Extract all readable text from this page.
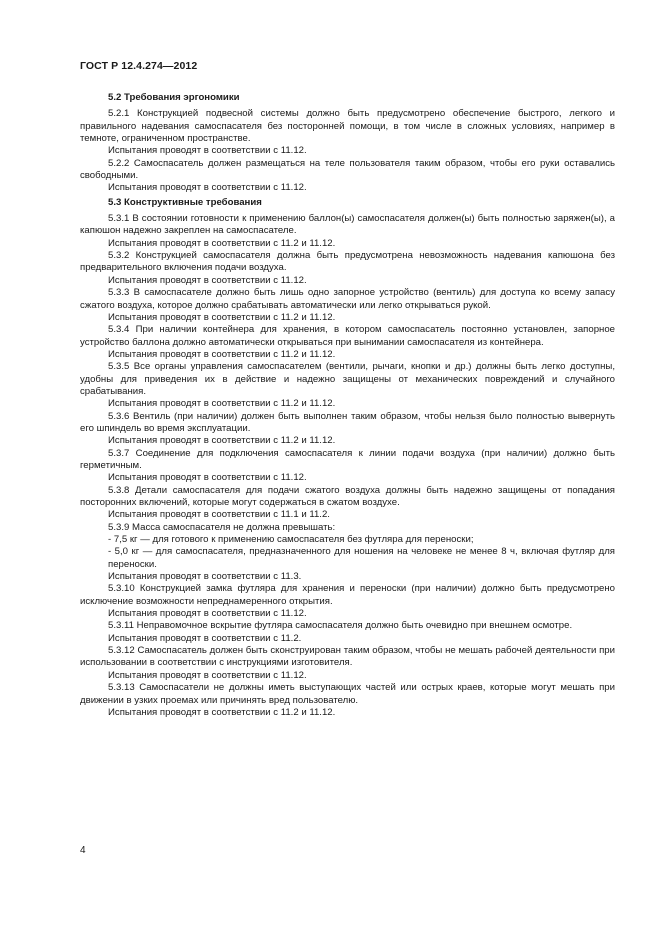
ГОСТ Р 12.4.274—2012

5.2 Требования эргономики

5.2.1 Конструкцией подвесной системы должно быть предусмотрено обеспечение быстрого, легкого и правильного надевания самоспасателя без посторонней помощи, в том числе в сложных условиях, например в темноте, ограниченном пространстве.

Испытания проводят в соответствии с 11.12.

5.2.2 Самоспасатель должен размещаться на теле пользователя таким образом, чтобы его руки оставались свободными.

Испытания проводят в соответствии с 11.12.

5.3 Конструктивные требования

5.3.1 В состоянии готовности к применению баллон(ы) самоспасателя должен(ы) быть полностью заряжен(ы), а капюшон надежно закреплен на самоспасателе.

Испытания проводят в соответствии с 11.2 и 11.12.

5.3.2 Конструкцией самоспасателя должна быть предусмотрена невозможность надевания капюшона без предварительного включения подачи воздуха.

Испытания проводят в соответствии с 11.12.

5.3.3 В самоспасателе должно быть лишь одно запорное устройство (вентиль) для доступа ко всему запасу сжатого воздуха, которое должно срабатывать автоматически или легко открываться рукой.

Испытания проводят в соответствии с 11.2 и 11.12.

5.3.4 При наличии контейнера для хранения, в котором самоспасатель постоянно установлен, запорное устройство баллона должно автоматически открываться при вынимании самоспасателя из контейнера.

Испытания проводят в соответствии с 11.2 и 11.12.

5.3.5 Все органы управления самоспасателем (вентили, рычаги, кнопки и др.) должны быть легко доступны, удобны для приведения их в действие и надежно защищены от механических повреждений и случайного срабатывания.

Испытания проводят в соответствии с 11.2 и 11.12.

5.3.6 Вентиль (при наличии) должен быть выполнен таким образом, чтобы нельзя было полностью вывернуть его шпиндель во время эксплуатации.

Испытания проводят в соответствии с 11.2 и 11.12.

5.3.7 Соединение для подключения самоспасателя к линии подачи воздуха (при наличии) должно быть герметичным.

Испытания проводят в соответствии с 11.12.

5.3.8 Детали самоспасателя для подачи сжатого воздуха должны быть надежно защищены от попадания посторонних включений, которые могут содержаться в сжатом воздухе.

Испытания проводят в соответствии с 11.1 и 11.2.

5.3.9 Масса самоспасателя не должна превышать:

- 7,5 кг — для готового к применению самоспасателя без футляра для переноски;

- 5,0 кг — для самоспасателя, предназначенного для ношения на человеке не менее 8 ч, включая футляр для переноски.

Испытания проводят в соответствии с 11.3.

5.3.10 Конструкцией замка футляра для хранения и переноски (при наличии) должно быть предусмотрено исключение возможности непреднамеренного открытия.

Испытания проводят в соответствии с 11.12.

5.3.11 Неправомочное вскрытие футляра самоспасателя должно быть очевидно при внешнем осмотре.

Испытания проводят в соответствии с 11.2.

5.3.12 Самоспасатель должен быть сконструирован таким образом, чтобы не мешать рабочей деятельности при использовании в соответствии с инструкциями изготовителя.

Испытания проводят в соответствии с 11.12.

5.3.13 Самоспасатели не должны иметь выступающих частей или острых краев, которые могут мешать при движении в узких проемах или причинять вред пользователю.

Испытания проводят в соответствии с 11.2 и 11.12.

4
